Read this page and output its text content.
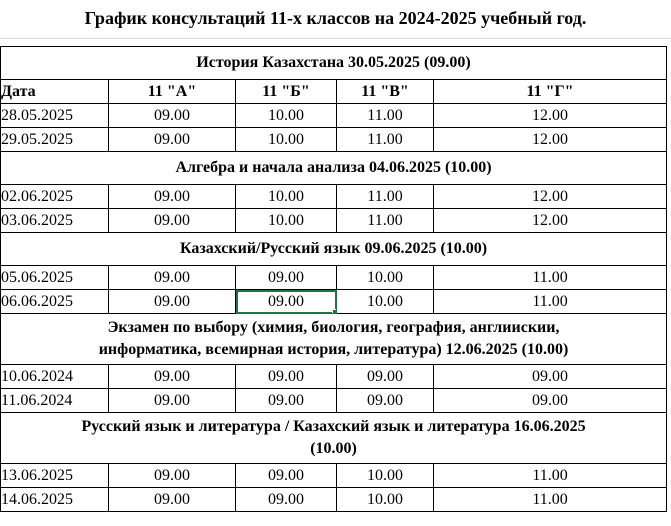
График консультаций 11-х классов на 2024-2025 учебный год.
История Казахстана 30.05.2025 (09.00)				
Дата	11 "А"	11 "Б"	11 "В"	11 "Г"
28.05.2025	09.00	10.00	11.00	12.00
29.05.2025	09.00	10.00	11.00	12.00
Алгебра и начала анализа 04.06.2025 (10.00)				
02.06.2025	09.00	10.00	11.00	12.00
03.06.2025	09.00	10.00	11.00	12.00
Казахский/Русский язык 09.06.2025 (10.00)				
05.06.2025	09.00	09.00	10.00	11.00
06.06.2025	09.00	09.00	10.00	11.00

Экзамен по выбору (химия, биология, география, англиискии,
информатика, всемирная история, литература) 12.06.2025 (10.00)				

10.06.2024	09.00	09.00	09.00	09.00
11.06.2024	09.00	09.00	09.00	09.00

Русский язык и литература / Казахский язык и литература 16.06.2025
(10.00)				

13.06.2025	09.00	09.00	10.00	11.00
14.06.2025	09.00	09.00	10.00	11.00
